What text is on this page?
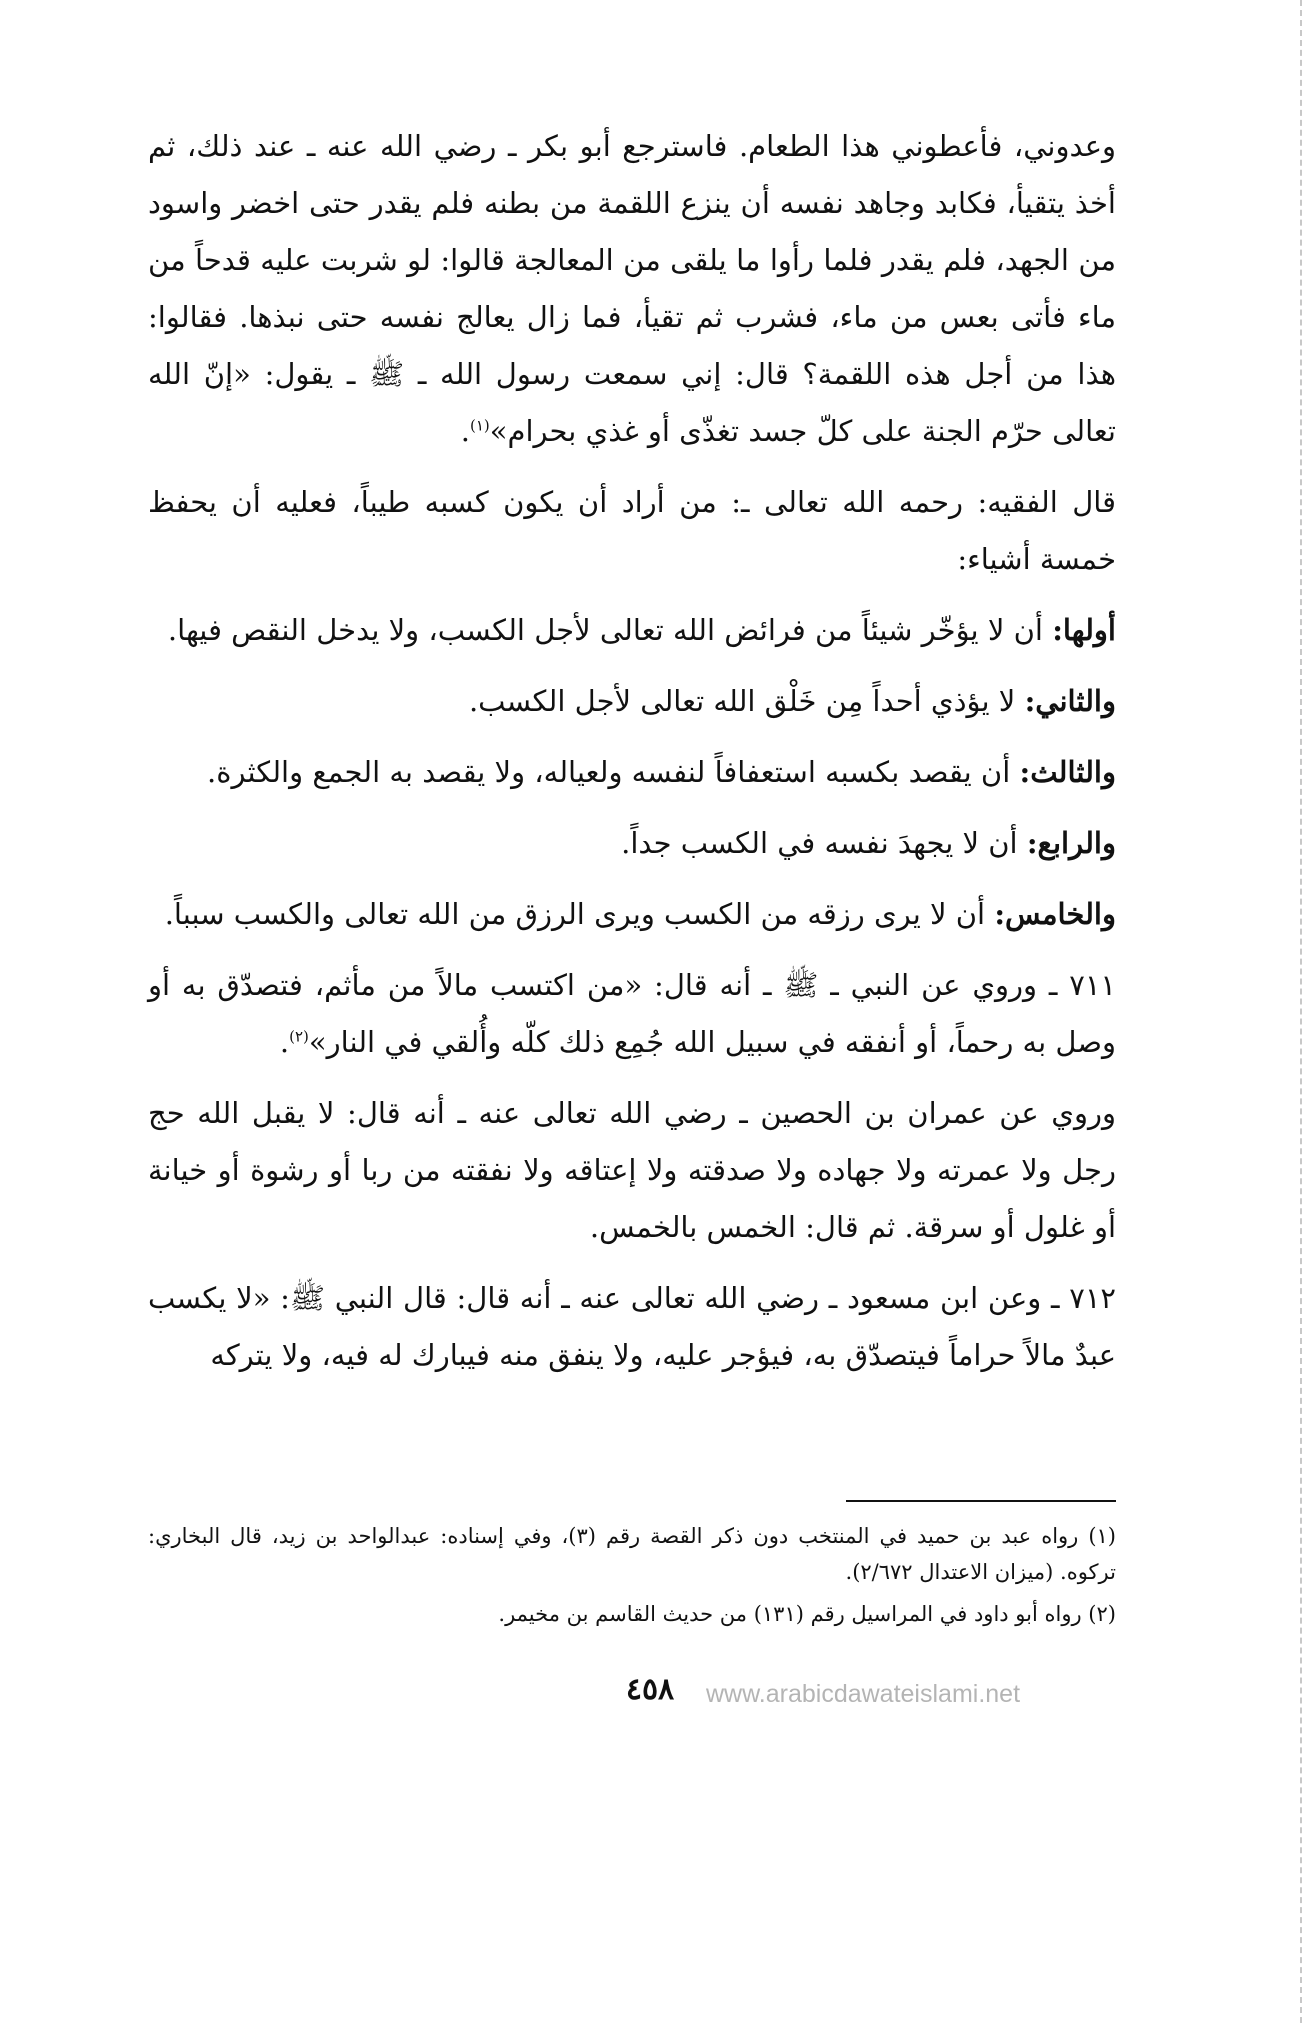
وعدوني، فأعطوني هذا الطعام. فاسترجع أبو بكر ـ رضي الله عنه ـ عند ذلك، ثم أخذ يتقيأ، فكابد وجاهد نفسه أن ينزع اللقمة من بطنه فلم يقدر حتى اخضر واسود من الجهد، فلم يقدر فلما رأوا ما يلقى من المعالجة قالوا: لو شربت عليه قدحاً من ماء فأتى بعس من ماء، فشرب ثم تقيأ، فما زال يعالج نفسه حتى نبذها. فقالوا: هذا من أجل هذه اللقمة؟ قال: إني سمعت رسول الله ـ ﷺ ـ يقول: «إنّ الله تعالى حرّم الجنة على كلّ جسد تغذّى أو غذي بحرام»$^{(١)}$.

قال الفقيه: رحمه الله تعالى ـ: من أراد أن يكون كسبه طيباً، فعليه أن يحفظ خمسة أشياء:

أولها: أن لا يؤخّر شيئاً من فرائض الله تعالى لأجل الكسب، ولا يدخل النقص فيها.

والثاني: لا يؤذي أحداً مِن خَلْق الله تعالى لأجل الكسب.

والثالث: أن يقصد بكسبه استعفافاً لنفسه ولعياله، ولا يقصد به الجمع والكثرة.

والرابع: أن لا يجهدَ نفسه في الكسب جداً.

والخامس: أن لا يرى رزقه من الكسب ويرى الرزق من الله تعالى والكسب سبباً.

٧١١ ـ وروي عن النبي ـ ﷺ ـ أنه قال: «من اكتسب مالاً من مأثم، فتصدّق به أو وصل به رحماً، أو أنفقه في سبيل الله جُمِع ذلك كلّه وأُلقي في النار»$^{(٢)}$.

وروي عن عمران بن الحصين ـ رضي الله تعالى عنه ـ أنه قال: لا يقبل الله حج رجل ولا عمرته ولا جهاده ولا صدقته ولا إعتاقه ولا نفقته من ربا أو رشوة أو خيانة أو غلول أو سرقة. ثم قال: الخمس بالخمس.

٧١٢ ـ وعن ابن مسعود ـ رضي الله تعالى عنه ـ أنه قال: قال النبي ﷺ: «لا يكسب عبدٌ مالاً حراماً فيتصدّق به، فيؤجر عليه، ولا ينفق منه فيبارك له فيه، ولا يتركه

(١) رواه عبد بن حميد في المنتخب دون ذكر القصة رقم (٣)، وفي إسناده: عبدالواحد بن زيد، قال البخاري: تركوه. (ميزان الاعتدال ٢/٦٧٢).

(٢) رواه أبو داود في المراسيل رقم (١٣١) من حديث القاسم بن مخيمر.

٤٥٨	www.arabicdawateislami.net
